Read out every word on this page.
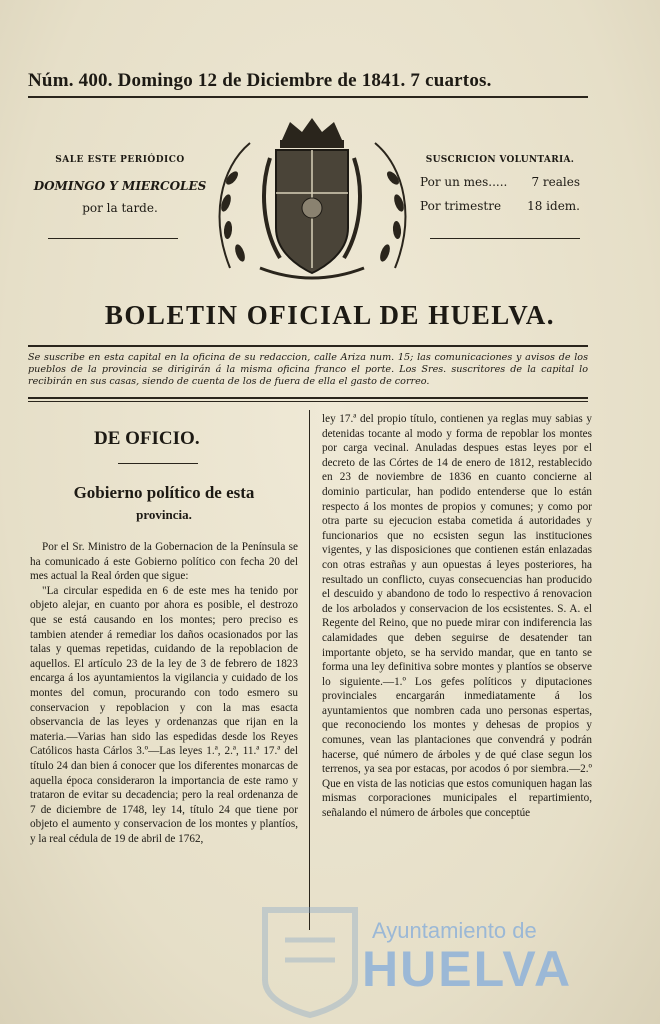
Núm. 400. Domingo 12 de Diciembre de 1841. 7 cuartos.
SALE ESTE PERIÓDICO
DOMINGO Y MIERCOLES
por la tarde.
SUSCRICION VOLUNTARIA.
Por un mes..... 7 reales
Por trimestre 18 idem.
BOLETIN OFICIAL DE HUELVA.
Se suscribe en esta capital en la oficina de su redaccion, calle Ariza num. 15; las comunicaciones y avisos de los pueblos de la provincia se dirigirán á la misma oficina franco el porte. Los Sres. suscritores de la capital lo recibirán en sus casas, siendo de cuenta de los de fuera de ella el gasto de correo.
DE OFICIO.
Gobierno político de esta
provincia.

Por el Sr. Ministro de la Gobernacion de la Península se ha comunicado á este Gobierno político con fecha 20 del mes actual la Real órden que sigue:

"La circular espedida en 6 de este mes ha tenido por objeto alejar, en cuanto por ahora es posible, el destrozo que se está causando en los montes; pero preciso es tambien atender á remediar los daños ocasionados por las talas y quemas repetidas, cuidando de la repoblacion de aquellos. El artículo 23 de la ley de 3 de febrero de 1823 encarga á los ayuntamientos la vigilancia y cuidado de los montes del comun, procurando con todo esmero su conservacion y repoblacion y con la mas esacta observancia de las leyes y ordenanzas que rijan en la materia.—Varias han sido las espedidas desde los Reyes Católicos hasta Cárlos 3.º—Las leyes 1.ª, 2.ª, 11.ª 17.ª del título 24 dan bien á conocer que los diferentes monarcas de aquella época consideraron la importancia de este ramo y trataron de evitar su decadencia; pero la real ordenanza de 7 de diciembre de 1748, ley 14, título 24 que tiene por objeto el aumento y conservacion de los montes y plantíos, y la real cédula de 19 de abril de 1762,

ley 17.ª del propio título, contienen ya reglas muy sabias y detenidas tocante al modo y forma de repoblar los montes por carga vecinal. Anuladas despues estas leyes por el decreto de las Córtes de 14 de enero de 1812, restablecido en 23 de noviembre de 1836 en cuanto concierne al dominio particular, han podido entenderse que lo están respecto á los montes de propios y comunes; y como por otra parte su ejecucion estaba cometida á autoridades y funcionarios que no ecsisten segun las instituciones vigentes, y las disposiciones que contienen están enlazadas con otras estrañas y aun opuestas á leyes posteriores, ha resultado un conflicto, cuyas consecuencias han producido el descuido y abandono de todo lo respectivo á renovacion de los arbolados y conservacion de los ecsistentes. S. A. el Regente del Reino, que no puede mirar con indiferencia las calamidades que deben seguirse de desatender tan importante objeto, se ha servido mandar, que en tanto se forma una ley definitiva sobre montes y plantíos se observe lo siguiente.—1.º Los gefes políticos y diputaciones provinciales encargarán inmediatamente á los ayuntamientos que nombren cada uno personas espertas, que reconociendo los montes y dehesas de propios y comunes, vean las plantaciones que convendrá y podrán hacerse, qué número de árboles y de qué clase segun los terrenos, ya sea por estacas, por acodos ó por siembra.—2.º Que en vista de las noticias que estos comuniquen hagan las mismas corporaciones municipales el repartimiento, señalando el número de árboles que conceptúe

Ayuntamiento de
HUELVA
